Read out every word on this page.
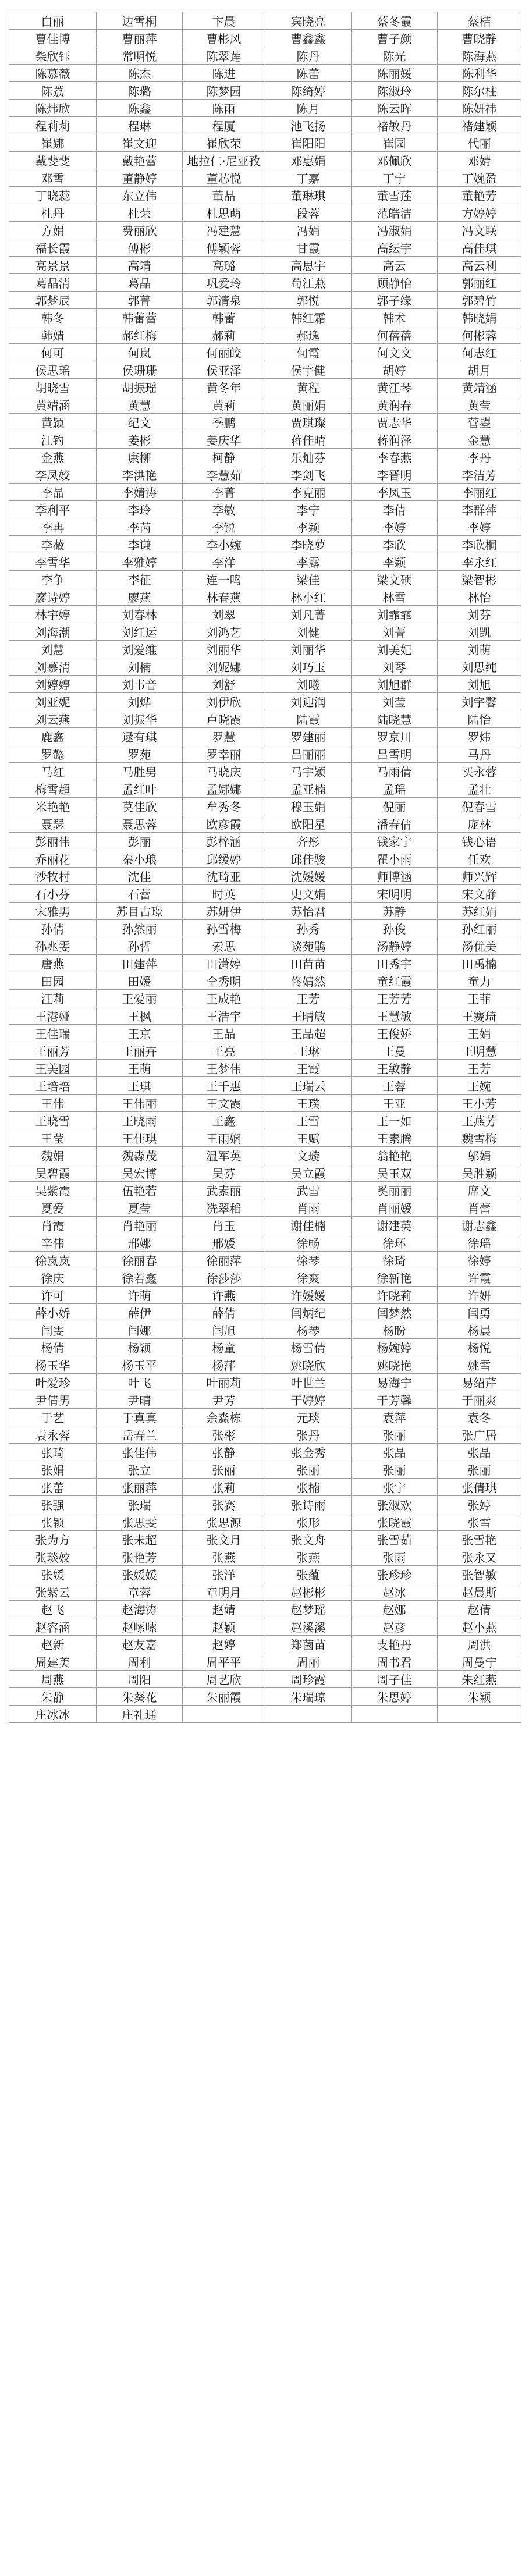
白丽	边雪桐	卞晨	宾晓亮	蔡冬霞	蔡桔
曹佳博	曹丽萍	曹彬风	曹鑫鑫	曹子颜	曹晓静
柴欣钰	常明悦	陈翠莲	陈丹	陈光	陈海燕
陈慕薇	陈杰	陈进	陈蕾	陈丽媛	陈利华
陈荔	陈璐	陈梦园	陈绮婷	陈淑玲	陈尔柱
陈炜欣	陈鑫	陈雨	陈月	陈云晖	陈妍祎
程莉莉	程琳	程厦	池飞扬	褚敏丹	褚建颖
崔娜	崔文迎	崔欣荣	崔阳阳	崔园	代丽
戴斐斐	戴艳蕾	地拉仁·尼亚孜	邓惠娟	邓佩欣	邓婧
邓雪	董静婷	董芯悦	丁嘉	丁宁	丁婉盈
丁晓蕊	东立伟	董晶	董琳琪	董雪莲	董艳芳
杜丹	杜荣	杜思萌	段蓉	范皓洁	方婷婷
方娟	费丽欣	冯建慧	冯娟	冯淑娟	冯文联
福长霞	傅彬	傅颖蓉	甘霞	高纭宇	高佳琪
高景景	高靖	高璐	高思宇	高云	高云利
葛晶清	葛晶	巩爱玲	苟江燕	顾静怡	郭丽红
郭梦辰	郭菁	郭清泉	郭悦	郭子缘	郭碧竹
韩冬	韩蕾蕾	韩蕾	韩红霜	韩术	韩晓娟
韩婧	郝红梅	郝莉	郝逸	何蓓蓓	何彬蓉
何可	何岚	何丽皎	何霞	何文文	何志红
侯思瑶	侯珊珊	侯亚泽	侯宇健	胡婷	胡月
胡晓雪	胡振瑶	黄冬年	黄程	黄江琴	黄靖涵
黄靖涵	黄慧	黄莉	黄丽娟	黄润春	黄莹
黄颖	纪文	季鹏	贾琪璨	贾志华	菅曌
江钓	姜彬	姜庆华	蒋佳晴	蒋润泽	金慧
金燕	康柳	柯静	乐灿芬	李春燕	李丹
李凤姣	李洪艳	李慧茹	李剑飞	李晋明	李洁芳
李晶	李婧涛	李菁	李克丽	李凤玉	李丽红
李利平	李玲	李敏	李宁	李倩	李群萍
李冉	李芮	李锐	李颖	李婷	李婷
李薇	李谦	李小婉	李晓萝	李欣	李欣桐
李雪华	李雅婷	李洋	李露	李颖	李永红
李争	李征	连一鸣	梁佳	梁文硕	梁智彬
廖诗婷	廖燕	林春燕	林小红	林雪	林怡
林宇婷	刘春林	刘翠	刘凡菁	刘霏霏	刘芬
刘海潮	刘红运	刘鸿艺	刘健	刘菁	刘凯
刘慧	刘爱维	刘丽华	刘丽华	刘美妃	刘萌
刘慕清	刘楠	刘妮娜	刘巧玉	刘琴	刘思纯
刘婷婷	刘韦音	刘舒	刘曦	刘旭群	刘旭
刘亚妮	刘烨	刘伊欣	刘迎润	刘莹	刘宇馨
刘云燕	刘振华	卢晓霞	陆霞	陆晓慧	陆怡
鹿鑫	逯有琪	罗慧	罗建丽	罗京川	罗炜
罗懿	罗苑	罗幸丽	吕丽丽	吕雪明	马丹
马红	马胜男	马晓庆	马宇颖	马雨倩	买永蓉
梅雪超	孟红叶	孟娜娜	孟亚楠	孟瑶	孟壮
米艳艳	莫佳欣	牟秀冬	穆玉娟	倪丽	倪春雪
聂瑟	聂思蓉	欧彦霞	欧阳星	潘春倩	庞林
彭丽伟	彭丽	彭梓涵	齐彤	钱家宁	钱心语
乔丽花	秦小琅	邱缓婷	邱佳骏	瞿小雨	任欢
沙牧村	沈佳	沈琦亚	沈媛媛	师博涵	师兴辉
石小芬	石蕾	时英	史文娟	宋明明	宋文静
宋雅男	苏目古璟	苏妍伊	苏怡君	苏静	苏红娟
孙倩	孙然丽	孙雪梅	孙秀	孙俊	孙红丽
孙兆雯	孙哲	索思	谈苑鹃	汤静婷	汤优美
唐燕	田建萍	田潇婷	田苗苗	田秀宇	田禹楠
田园	田媛	仝秀明	佟婧然	童红霞	童力
汪莉	王爱丽	王成艳	王芳	王芳芳	王菲
王港娅	王枫	王浩宇	王晴敏	王慧敏	王赛琦
王佳瑞	王京	王晶	王晶超	王俊娇	王娟
王丽芳	王丽卉	王亮	王琳	王曼	王明慧
王美园	王萌	王梦伟	王霞	王敏静	王芳
王培培	王琪	王千惠	王瑞云	王蓉	王婉
王伟	王伟丽	王文霞	王璞	王亚	王小芳
王晓雪	王晓雨	王鑫	王雪	王一如	王燕芳
王莹	王佳琪	王雨娴	王赋	王素腾	魏雪梅
魏娟	魏淼茂	温军英	文璇	翁艳艳	邬娟
吴碧霞	吴宏博	吴芬	吴立霞	吴玉双	吴胜颖
吴紫霞	伍艳若	武素丽	武雪	奚丽丽	席文
夏爱	夏莹	冼翠稻	肖雨	肖丽媛	肖蕾
肖霞	肖艳丽	肖玉	谢佳楠	谢建英	谢志鑫
辛伟	邢娜	邢媛	徐畅	徐环	徐瑶
徐岚岚	徐丽春	徐丽萍	徐琴	徐琦	徐婷
徐庆	徐若鑫	徐莎莎	徐爽	徐新艳	许霞
许可	许萌	许燕	许媛媛	许晓莉	许妍
薛小娇	薛伊	薛倩	闫炳纪	闫梦然	闫勇
闫雯	闫娜	闫旭	杨琴	杨盼	杨晨
杨倩	杨颖	杨童	杨雪倩	杨婉婷	杨悦
杨玉华	杨玉平	杨萍	姚晓欣	姚晓艳	姚雪
叶爱珍	叶飞	叶丽莉	叶世兰	易海宁	易绍芹
尹倩男	尹晴	尹芳	于婷婷	于芳馨	于丽爽
于艺	于真真	余淼栋	元琰	袁萍	袁冬
袁永蓉	岳春兰	张彬	张丹	张丽	张广居
张琦	张佳伟	张静	张金秀	张晶	张晶
张娟	张立	张丽	张丽	张丽	张丽
张蕾	张丽萍	张莉	张楠	张宁	张倩琪
张强	张瑞	张赛	张诗雨	张淑欢	张婷
张颖	张思雯	张思源	张形	张晓霞	张雪
张为方	张未超	张文月	张文舟	张雪茹	张雪艳
张琰姣	张艳芳	张燕	张燕	张雨	张永又
张媛	张媛媛	张洋	张蕴	张珍珍	张智敏
张紫云	章蓉	章明月	赵彬彬	赵冰	赵晨斯
赵飞	赵海涛	赵婧	赵梦瑶	赵娜	赵倩
赵容涵	赵嗦嗦	赵颖	赵溪溪	赵彦	赵小燕
赵新	赵友嘉	赵婷	郑菌苗	支艳丹	周洪
周建美	周利	周平平	周丽	周书君	周曼宁
周燕	周阳	周艺欣	周珍霞	周子佳	朱红燕
朱静	朱葵花	朱丽霞	朱瑞琼	朱思婷	朱颖
庄冰冰	庄礼通				
